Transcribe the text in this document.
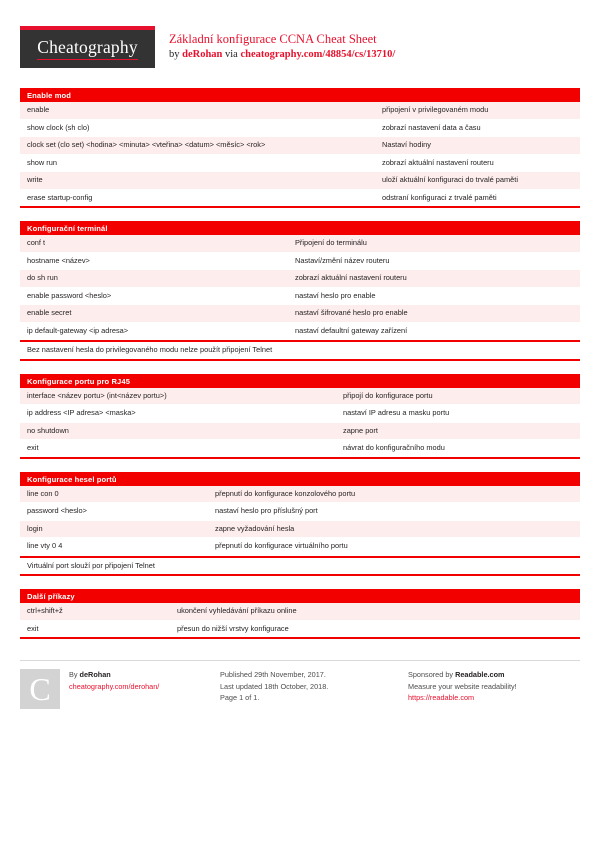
Cheatography Základní konfigurace CCNA Cheat Sheet
by deRohan via cheatography.com/48854/cs/13710/
Enable mod
enable	připojení v privilegovaném modu
show clock (sh clo)	zobrazí nastavení data a času
clock set (clo set) <hodina> <minuta> <vteřina> <datum> <měsíc> <rok>	Nastaví hodiny
show run	zobrazí aktuální nastavení routeru
write	uloží aktuální konfiguraci do trvalé paměti
erase startup-config	odstraní konfiguraci z trvalé paměti
Konfigurační terminál
conf t	Připojení do terminálu
hostname <název>	Nastaví/změní název routeru
do sh run	zobrazí aktuální nastavení routeru
enable password <heslo>	nastaví heslo pro enable
enable secret	nastaví šifrované heslo pro enable
ip default-gateway <ip adresa>	nastaví defaultní gateway zařízení
Bez nastavení hesla do privilegovaného modu nelze použít připojení Telnet
Konfigurace portu pro RJ45
interface <název portu> (int<název portu>)	připojí do konfigurace portu
ip address <IP adresa> <maska>	nastaví IP adresu a masku portu
no shutdown	zapne port
exit	návrat do konfiguračního modu
Konfigurace hesel portů
line con 0	přepnutí do konfigurace konzolového portu
password <heslo>	nastaví heslo pro příslušný port
login	zapne vyžadování hesla
line vty 0 4	přepnutí do konfigurace virtuálního portu
Virtuální port slouží por připojení Telnet
Další příkazy
ctrl+shift+ž	ukončení vyhledávání příkazu online
exit	přesun do nižší vrstvy konfigurace
C	By deRohan
cheatography.com/derohan/
Published 29th November, 2017.
Last updated 18th October, 2018.
Page 1 of 1.
Sponsored by Readable.com
Measure your website readability!
https://readable.com
